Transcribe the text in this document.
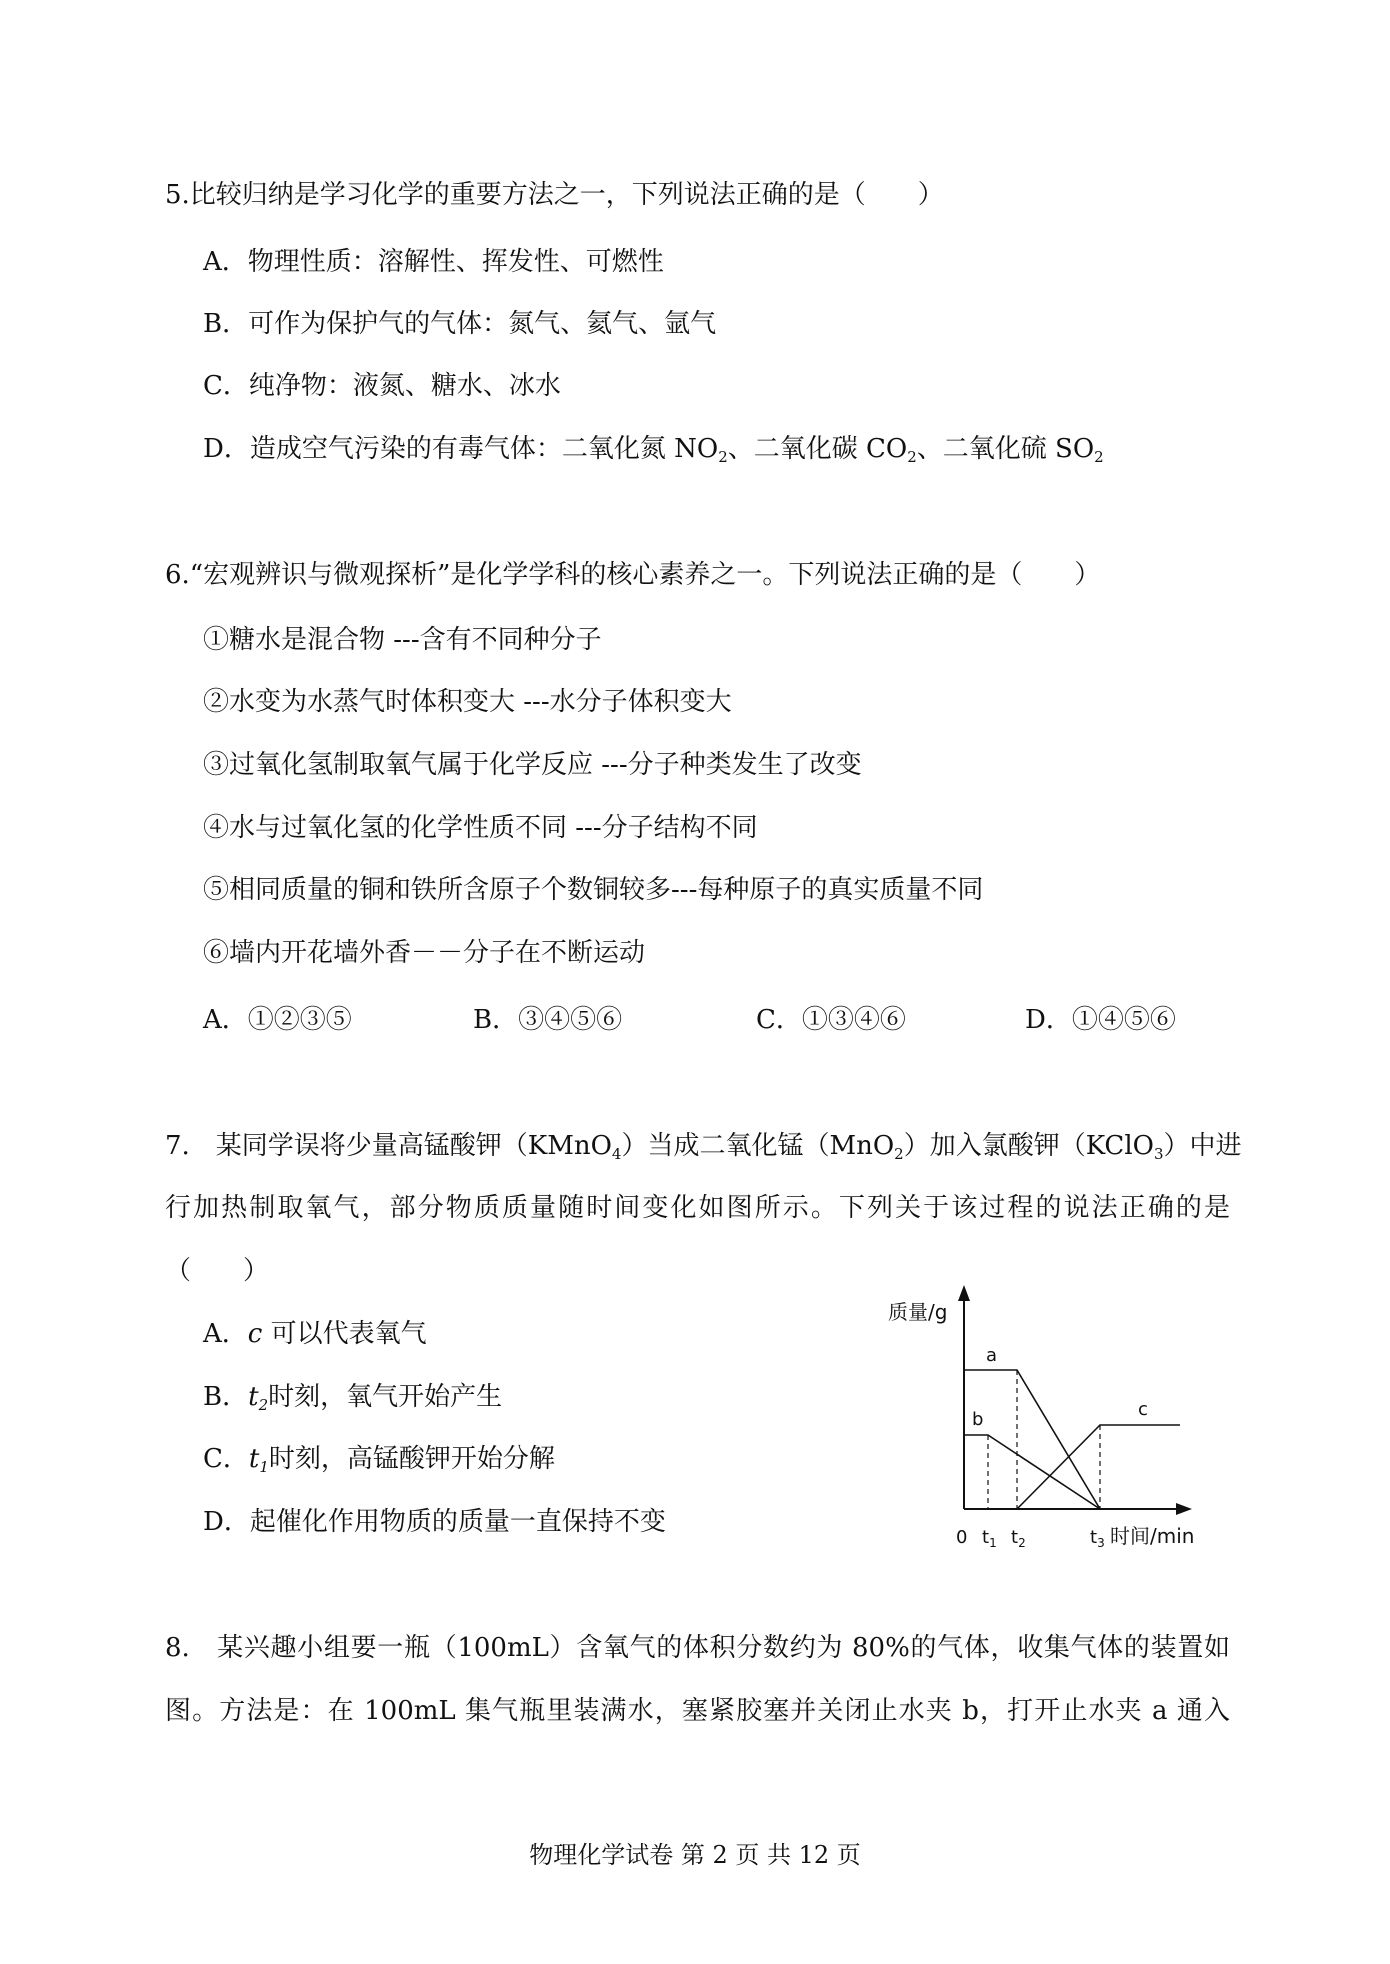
5.比较归纳是学习化学的重要方法之一，下列说法正确的是（　　）
A．物理性质：溶解性、挥发性、可燃性
B．可作为保护气的气体：氮气、氦气、氩气
C．纯净物：液氮、糖水、冰水
D．造成空气污染的有毒气体：二氧化氮 $NO_2$、二氧化碳 $CO_2$、二氧化硫 $SO_2$
6.“宏观辨识与微观探析”是化学学科的核心素养之一。下列说法正确的是（　　）
①糖水是混合物 ---含有不同种分子
②水变为水蒸气时体积变大 ---水分子体积变大
③过氧化氢制取氧气属于化学反应 ---分子种类发生了改变
④水与过氧化氢的化学性质不同 ---分子结构不同
⑤相同质量的铜和铁所含原子个数铜较多---每种原子的真实质量不同
⑥墙内开花墙外香－－分子在不断运动
A．①②③⑤	B．③④⑤⑥	C．①③④⑥	D．①④⑤⑥
7.　某同学误将少量高锰酸钾（KMnO$_4$）当成二氧化锰（MnO$_2$）加入氯酸钾（KClO$_3$）中进
行加热制取氧气，部分物质质量随时间变化如图所示。下列关于该过程的说法正确的是
（　　）
A．c 可以代表氧气
B．$t_2$时刻，氧气开始产生
C．$t_1$时刻，高锰酸钾开始分解
D．起催化作用物质的质量一直保持不变
质量/g
时间/min
0 $t_1$ $t_2$	$t_3$
a
b	c
8.　某兴趣小组要一瓶（100mL）含氧气的体积分数约为 80%的气体，收集气体的装置如
图。方法是：在 100mL 集气瓶里装满水，塞紧胶塞并关闭止水夹 b，打开止水夹 a 通入
物理化学试卷 第 2 页 共 12 页
